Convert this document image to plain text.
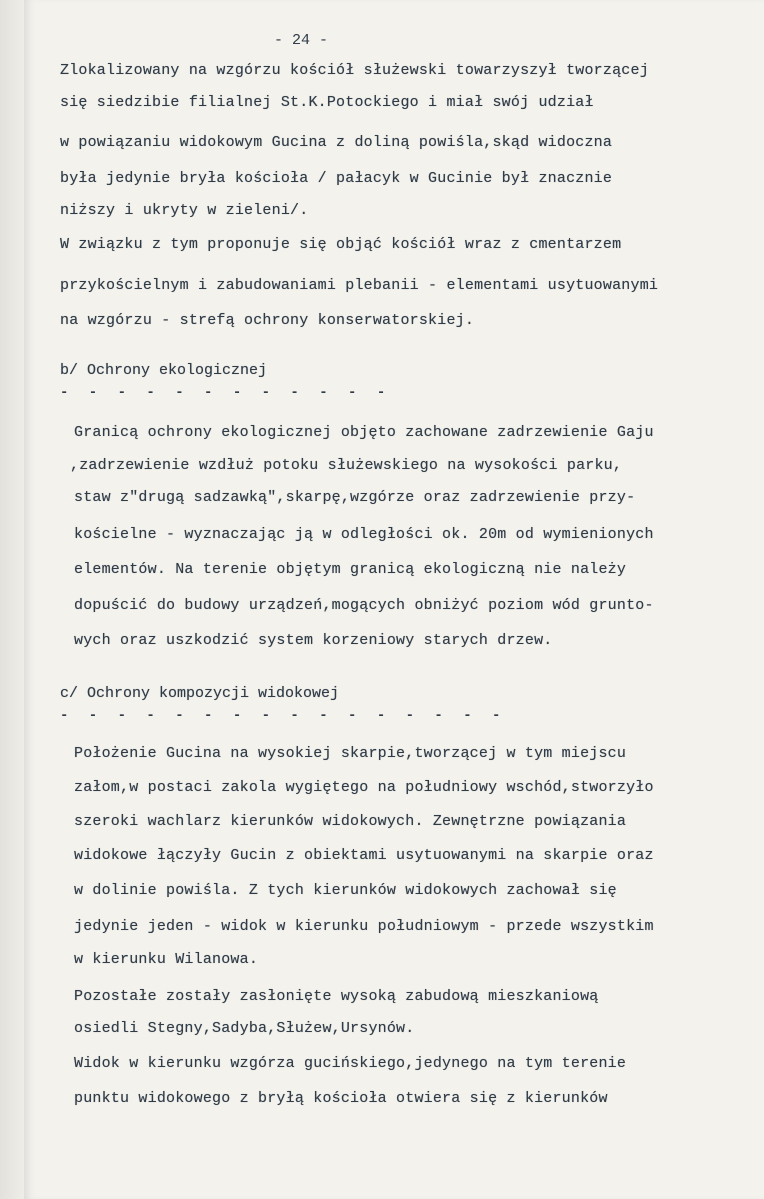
- 24 -
Zlokalizowany na wzgórzu kościół służewski towarzyszył tworzącej
się siedzibie filialnej St.K.Potockiego i miał swój udział
w powiązaniu widokowym Gucina z doliną powiśla,skąd widoczna
była jedynie bryła kościoła / pałacyk w Gucinie był znacznie
niższy i ukryty w zieleni/.
W związku z tym proponuje się objąć kościół wraz z cmentarzem
przykościelnym i zabudowaniami plebanii - elementami usytuowanymi
na wzgórzu - strefą ochrony konserwatorskiej.
b/ Ochrony ekologicznej
- - - - - - - - - - - -
Granicą ochrony ekologicznej objęto zachowane zadrzewienie Gaju
,zadrzewienie wzdłuż potoku służewskiego na wysokości parku,
staw z"drugą sadzawką",skarpę,wzgórze oraz zadrzewienie przy-
kościelne - wyznaczając ją w odległości ok. 20m od wymienionych
elementów. Na terenie objętym granicą ekologiczną nie należy
dopuścić do budowy urządzeń,mogących obniżyć poziom wód grunto-
wych oraz uszkodzić system korzeniowy starych drzew.
c/ Ochrony kompozycji widokowej
- - - - - - - - - - - - - - - -
Położenie Gucina na wysokiej skarpie,tworzącej w tym miejscu
załom,w postaci zakola wygiętego na południowy wschód,stworzyło
szeroki wachlarz kierunków widokowych. Zewnętrzne powiązania
widokowe łączyły Gucin z obiektami usytuowanymi na skarpie oraz
w dolinie powiśla. Z tych kierunków widokowych zachował się
jedynie jeden - widok w kierunku południowym - przede wszystkim
w kierunku Wilanowa.
Pozostałe zostały zasłonięte wysoką zabudową mieszkaniową
osiedli Stegny,Sadyba,Służew,Ursynów.
Widok w kierunku wzgórza gucińskiego,jedynego na tym terenie
punktu widokowego z bryłą kościoła otwiera się z kierunków
